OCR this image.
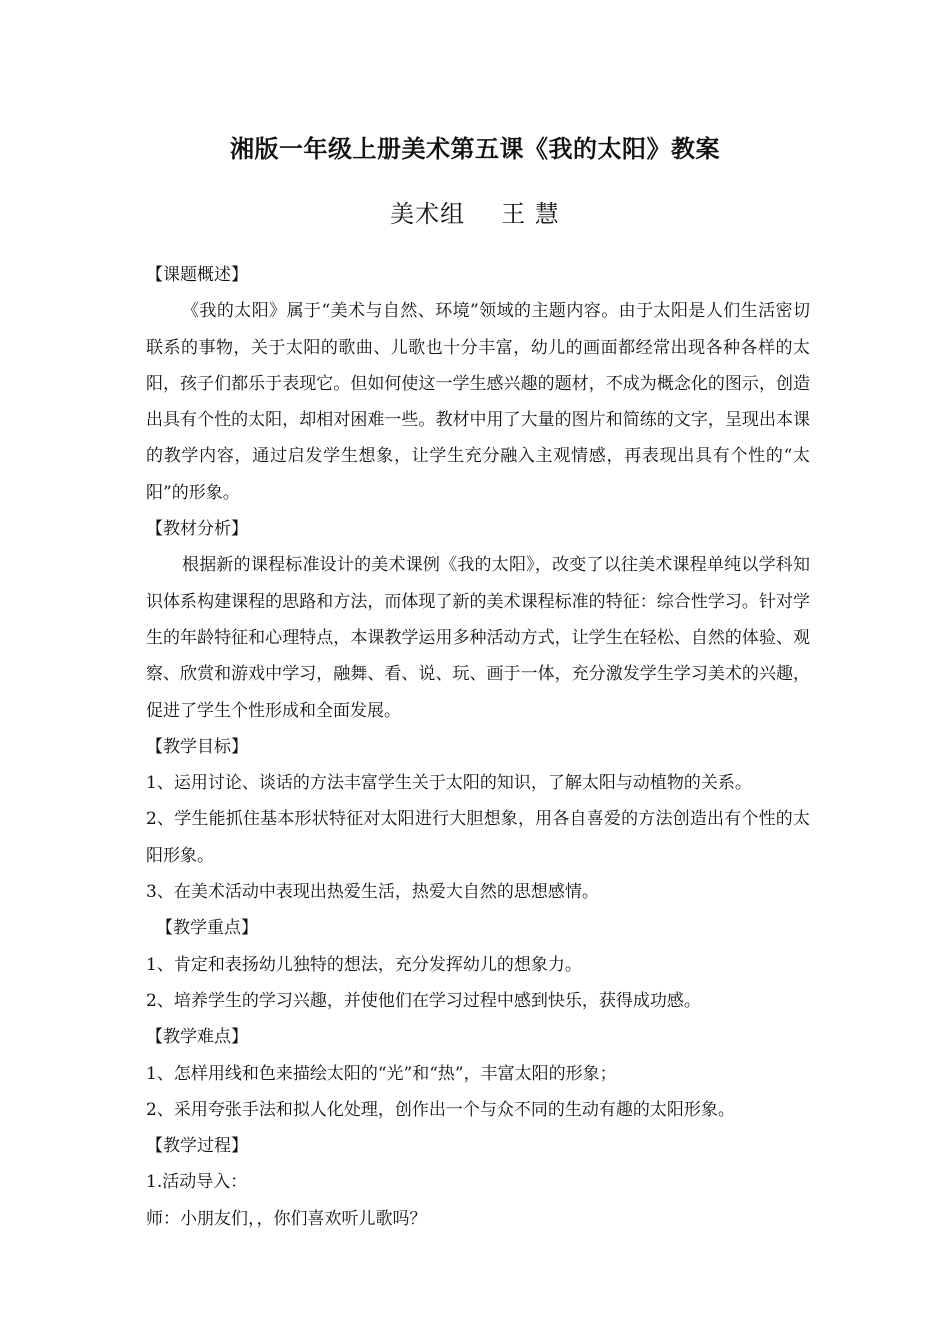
湘版一年级上册美术第五课《我的太阳》教案
美术组 王 慧

【课题概述】

《我的太阳》属于“美术与自然、环境”领域的主题内容。由于太阳是人们生活密切联系的事物，关于太阳的歌曲、儿歌也十分丰富，幼儿的画面都经常出现各种各样的太阳，孩子们都乐于表现它。但如何使这一学生感兴趣的题材，不成为概念化的图示，创造出具有个性的太阳，却相对困难一些。教材中用了大量的图片和简练的文字，呈现出本课的教学内容，通过启发学生想象，让学生充分融入主观情感，再表现出具有个性的“太阳”的形象。

【教材分析】

根据新的课程标准设计的美术课例《我的太阳》，改变了以往美术课程单纯以学科知识体系构建课程的思路和方法，而体现了新的美术课程标准的特征：综合性学习。针对学生的年龄特征和心理特点，本课教学运用多种活动方式，让学生在轻松、自然的体验、观察、欣赏和游戏中学习，融舞、看、说、玩、画于一体，充分激发学生学习美术的兴趣，促进了学生个性形成和全面发展。

【教学目标】

1、运用讨论、谈话的方法丰富学生关于太阳的知识，了解太阳与动植物的关系。

2、学生能抓住基本形状特征对太阳进行大胆想象，用各自喜爱的方法创造出有个性的太阳形象。

3、在美术活动中表现出热爱生活，热爱大自然的思想感情。

【教学重点】

1、肯定和表扬幼儿独特的想法，充分发挥幼儿的想象力。

2、培养学生的学习兴趣，并使他们在学习过程中感到快乐，获得成功感。

【教学难点】

1、怎样用线和色来描绘太阳的“光”和“热”，丰富太阳的形象；

2、采用夸张手法和拟人化处理，创作出一个与众不同的生动有趣的太阳形象。

【教学过程】

1.活动导入：

师：小朋友们，，你们喜欢听儿歌吗？
